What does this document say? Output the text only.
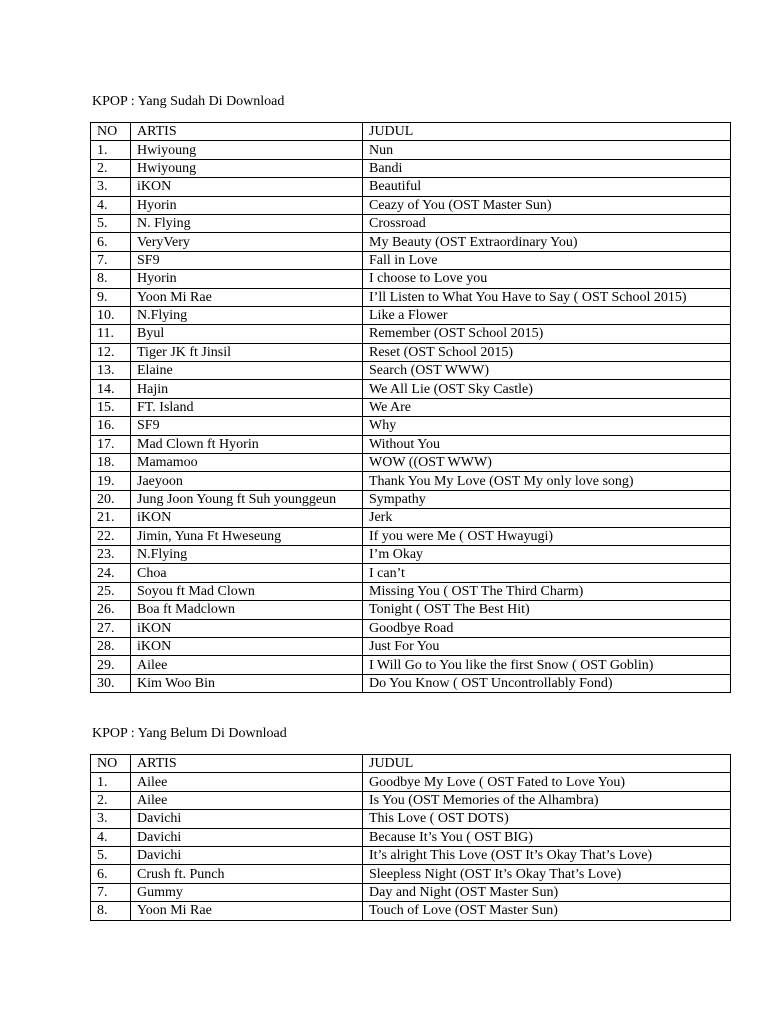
KPOP : Yang Sudah Di Download
NO	ARTIS	JUDUL
1.	Hwiyoung	Nun
2.	Hwiyoung	Bandi
3.	iKON	Beautiful
4.	Hyorin	Ceazy of You (OST Master Sun)
5.	N. Flying	Crossroad
6.	VeryVery	My Beauty (OST Extraordinary You)
7.	SF9	Fall in Love
8.	Hyorin	I choose to Love you
9.	Yoon Mi Rae	I’ll Listen to What You Have to Say ( OST School 2015)
10.	N.Flying	Like a Flower
11.	Byul	Remember (OST School 2015)
12.	Tiger JK ft Jinsil	Reset (OST School 2015)
13.	Elaine	Search (OST WWW)
14.	Hajin	We All Lie (OST Sky Castle)
15.	FT. Island	We Are
16.	SF9	Why
17.	Mad Clown ft Hyorin	Without You
18.	Mamamoo	WOW ((OST WWW)
19.	Jaeyoon	Thank You My Love (OST My only love song)
20.	Jung Joon Young ft Suh younggeun	Sympathy
21.	iKON	Jerk
22.	Jimin, Yuna Ft Hweseung	If you were Me ( OST Hwayugi)
23.	N.Flying	I’m Okay
24.	Choa	I can’t
25.	Soyou ft Mad Clown	Missing You ( OST The Third Charm)
26.	Boa ft Madclown	Tonight ( OST The Best Hit)
27.	iKON	Goodbye Road
28.	iKON	Just For You
29.	Ailee	I Will Go to You like the first Snow ( OST Goblin)
30.	Kim Woo Bin	Do You Know ( OST Uncontrollably Fond)
KPOP : Yang Belum Di Download
NO	ARTIS	JUDUL
1.	Ailee	Goodbye My Love ( OST Fated to Love You)
2.	Ailee	Is You (OST Memories of the Alhambra)
3.	Davichi	This Love ( OST DOTS)
4.	Davichi	Because It’s You ( OST BIG)
5.	Davichi	It’s alright This Love (OST It’s Okay That’s Love)
6.	Crush ft. Punch	Sleepless Night (OST It’s Okay That’s Love)
7.	Gummy	Day and Night (OST Master Sun)
8.	Yoon Mi Rae	Touch of Love (OST Master Sun)
